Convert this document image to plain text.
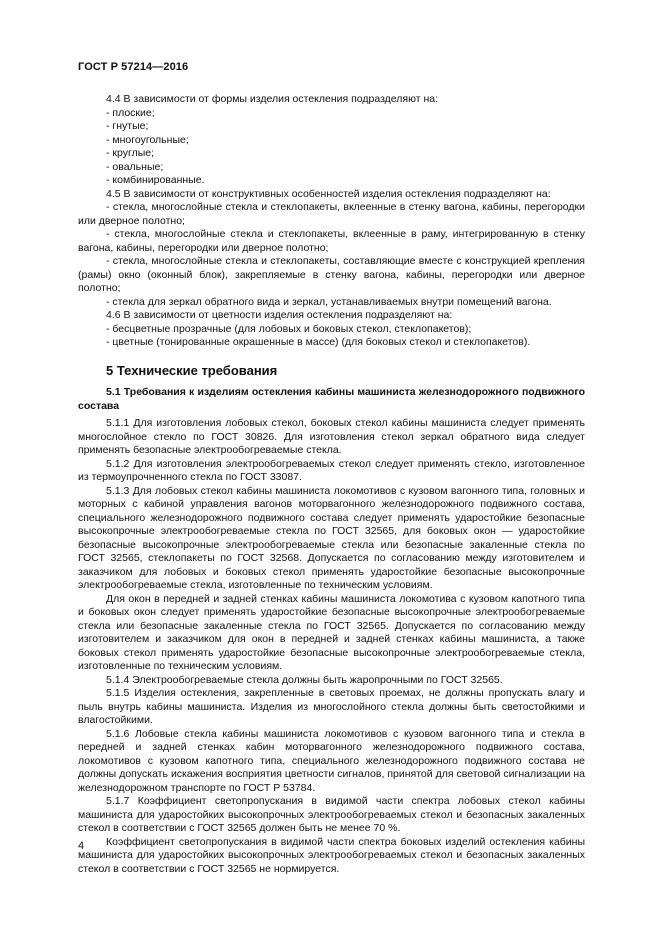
ГОСТ Р 57214—2016

4.4 В зависимости от формы изделия остекления подразделяют на:

- плоские;

- гнутые;

- многоугольные;

- круглые;

- овальные;

- комбинированные.

4.5 В зависимости от конструктивных особенностей изделия остекления подразделяют на:

- стекла, многослойные стекла и стеклопакеты, вклеенные в стенку вагона, кабины, перегородки или дверное полотно;

- стекла, многослойные стекла и стеклопакеты, вклеенные в раму, интегрированную в стенку вагона, кабины, перегородки или дверное полотно;

- стекла, многослойные стекла и стеклопакеты, составляющие вместе с конструкцией крепления (рамы) окно (оконный блок), закрепляемые в стенку вагона, кабины, перегородки или дверное полотно;

- стекла для зеркал обратного вида и зеркал, устанавливаемых внутри помещений вагона.

4.6 В зависимости от цветности изделия остекления подразделяют на:

- бесцветные прозрачные (для лобовых и боковых стекол, стеклопакетов);

- цветные (тонированные окрашенные в массе) (для боковых стекол и стеклопакетов).

5 Технические требования

5.1 Требования к изделиям остекления кабины машиниста железнодорожного подвижного состава

5.1.1 Для изготовления лобовых стекол, боковых стекол кабины машиниста следует применять многослойное стекло по ГОСТ 30826. Для изготовления стекол зеркал обратного вида следует применять безопасные электрообогреваемые стекла.

5.1.2 Для изготовления электрообогреваемых стекол следует применять стекло, изготовленное из термоупрочненного стекла по ГОСТ 33087.

5.1.3 Для лобовых стекол кабины машиниста локомотивов с кузовом вагонного типа, головных и моторных с кабиной управления вагонов моторвагонного железнодорожного подвижного состава, специального железнодорожного подвижного состава следует применять ударостойкие безопасные высокопрочные электрообогреваемые стекла по ГОСТ 32565, для боковых окон — ударостойкие безопасные высокопрочные электрообогреваемые стекла или безопасные закаленные стекла по ГОСТ 32565, стеклопакеты по ГОСТ 32568. Допускается по согласованию между изготовителем и заказчиком для лобовых и боковых стекол применять ударостойкие безопасные высокопрочные электрообогреваемые стекла, изготовленные по техническим условиям.

Для окон в передней и задней стенках кабины машиниста локомотива с кузовом капотного типа и боковых окон следует применять ударостойкие безопасные высокопрочные электрообогреваемые стекла или безопасные закаленные стекла по ГОСТ 32565. Допускается по согласованию между изготовителем и заказчиком для окон в передней и задней стенках кабины машиниста, а также боковых стекол применять ударостойкие безопасные высокопрочные электрообогреваемые стекла, изготовленные по техническим условиям.

5.1.4 Электрообогреваемые стекла должны быть жаропрочными по ГОСТ 32565.

5.1.5 Изделия остекления, закрепленные в световых проемах, не должны пропускать влагу и пыль внутрь кабины машиниста. Изделия из многослойного стекла должны быть светостойкими и влагостойкими.

5.1.6 Лобовые стекла кабины машиниста локомотивов с кузовом вагонного типа и стекла в передней и задней стенках кабин моторвагонного железнодорожного подвижного состава, локомотивов с кузовом капотного типа, специального железнодорожного подвижного состава не должны допускать искажения восприятия цветности сигналов, принятой для световой сигнализации на железнодорожном транспорте по ГОСТ Р 53784.

5.1.7 Коэффициент светопропускания в видимой части спектра лобовых стекол кабины машиниста для ударостойких высокопрочных электрообогреваемых стекол и безопасных закаленных стекол в соответствии с ГОСТ 32565 должен быть не менее 70 %.

Коэффициент светопропускания в видимой части спектра боковых изделий остекления кабины машиниста для ударостойких высокопрочных электрообогреваемых стекол и безопасных закаленных стекол в соответствии с ГОСТ 32565 не нормируется.

4
